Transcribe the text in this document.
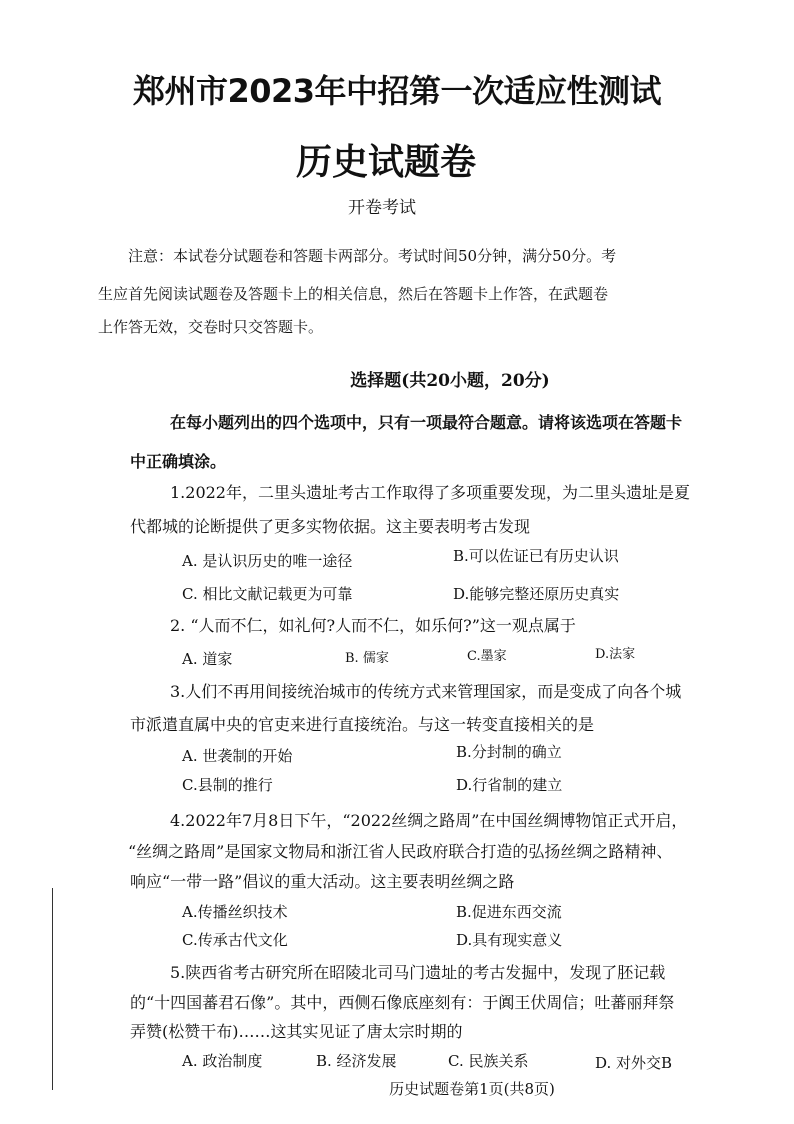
郑州市2023年中招第一次适应性测试
历史试题卷
开卷考试
注意：本试卷分试题卷和答题卡两部分。考试时间50分钟，满分50分。考
生应首先阅读试题卷及答题卡上的相关信息，然后在答题卡上作答，在武题卷
上作答无效，交卷时只交答题卡。
选择题(共20小题，20分)
在每小题列出的四个选项中，只有一项最符合题意。请将该选项在答题卡
中正确填涂。
1.2022年，二里头遗址考古工作取得了多项重要发现，为二里头遗址是夏
代都城的论断提供了更多实物依据。这主要表明考古发现
A. 是认识历史的唯一途径	B.可以佐证已有历史认识
C. 相比文献记载更为可靠	D.能够完整还原历史真实
2. “人而不仁，如礼何?人而不仁，如乐何?”这一观点属于
A. 道家	B. 儒家	C.墨家	D.法家
3.人们不再用间接统治城市的传统方式来管理国家，而是变成了向各个城
市派遣直属中央的官吏来进行直接统治。与这一转变直接相关的是
A. 世袭制的开始	B.分封制的确立
C.县制的推行	D.行省制的建立
4.2022年7月8日下午，“2022丝绸之路周”在中国丝绸博物馆正式开启，
“丝绸之路周”是国家文物局和浙江省人民政府联合打造的弘扬丝绸之路精神、
响应“一带一路”倡议的重大活动。这主要表明丝绸之路
A.传播丝织技术	B.促进东西交流
C.传承古代文化	D.具有现实意义
5.陕西省考古研究所在昭陵北司马门遗址的考古发掘中，发现了胚记载
的“十四国蕃君石像”。其中，西侧石像底座刻有：于阗王伏周信；吐蕃丽拜祭
弄赞(松赞干布)……这其实见证了唐太宗时期的
A. 政治制度	B. 经济发展	C. 民族关系	D. 对外交B
历史试题卷第1页(共8页)
